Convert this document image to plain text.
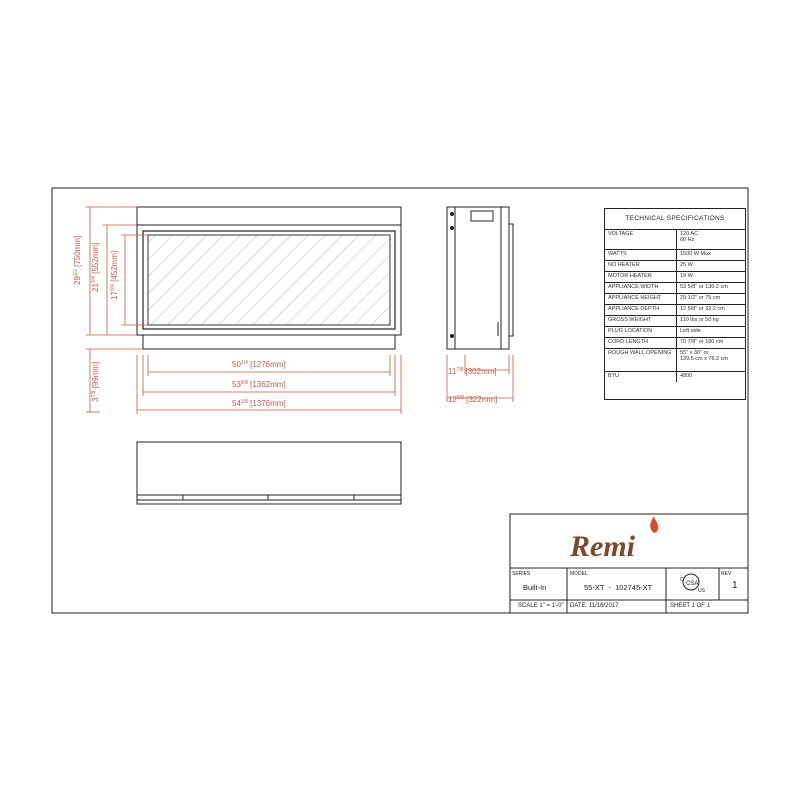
$29^{1/2}$ [750mm]
$21^{3/4}$ [552mm]
$17^{3/4}$ [452mm]
$3^{7/8}$ [99mm]	$50^{1/4}$ [1276mm]
$53^{5/8}$ [1362mm]
$54^{1/8}$ [1376mm]
$11^{7/8}$ [302mm]
$12^{5/8}$ [322mm]
Remi
CSA
C
US
SERIES
Built-In
MODEL
55-XT  -  102745-XT
REV
1
SCALE 1" = 1'-0" DATE: 11/16/2017	SHEET 1 OF 1
TECHNICAL SPECIFICATIONS
VOLTAGE	120 AC
60 Hz
WATTS	1500 W Max
NO HEATER	25 W
MOTOR HEATER	19 W
APPLIANCE WIDTH	53 5/8" or 136.2 cm
APPLIANCE HEIGHT	29 1/2" or 75 cm
APPLIANCE DEPTH	12 5/8" or 32.2 cm
GROSS WEIGHT	110 lbs or 50 kg
PLUG LOCATION	Left side
CORD LENGTH	70 7/8" or 180 cm
ROUGH WALL OPENING	55" x 30" or
139.5 cm x 76.2 cm
BTU	4800
